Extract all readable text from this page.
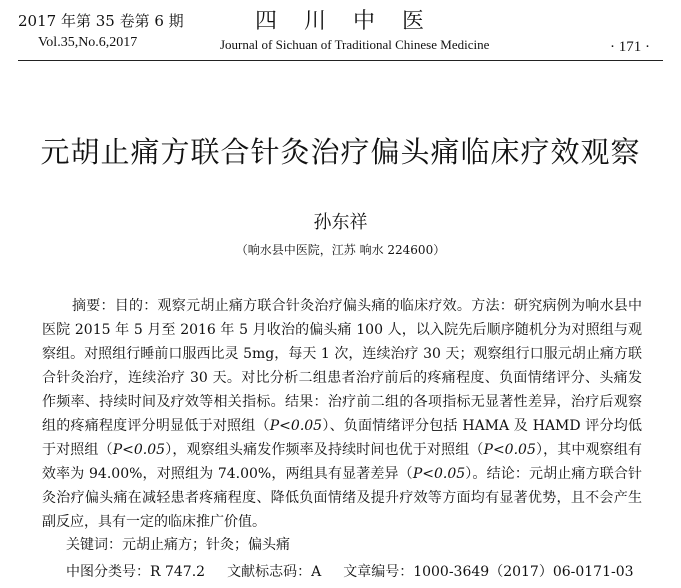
2017 年第 35 卷第 6 期
Vol.35,No.6,2017
四 川 中 医
Journal of Sichuan of Traditional Chinese Medicine	· 171 ·
元胡止痛方联合针灸治疗偏头痛临床疗效观察
孙东祥
（响水县中医院，江苏 响水 224600）
摘要：目的：观察元胡止痛方联合针灸治疗偏头痛的临床疗效。方法：研究病例为响水县中医院 2015 年 5 月至 2016 年 5 月收治的偏头痛 100 人，以入院先后顺序随机分为对照组与观察组。对照组行睡前口服西比灵 5mg，每天 1 次，连续治疗 30 天；观察组行口服元胡止痛方联合针灸治疗，连续治疗 30 天。对比分析二组患者治疗前后的疼痛程度、负面情绪评分、头痛发作频率、持续时间及疗效等相关指标。结果：治疗前二组的各项指标无显著性差异，治疗后观察组的疼痛程度评分明显低于对照组（P<0.05）、负面情绪评分包括 HAMA 及 HAMD 评分均低于对照组（P<0.05），观察组头痛发作频率及持续时间也优于对照组（P<0.05），其中观察组有效率为 94.00%，对照组为 74.00%，两组具有显著差异（P<0.05）。结论：元胡止痛方联合针灸治疗偏头痛在减轻患者疼痛程度、降低负面情绪及提升疗效等方面均有显著优势，且不会产生副反应，具有一定的临床推广价值。
关键词：元胡止痛方；针灸；偏头痛
中图分类号：R 747.2 文献标志码：A 文章编号：1000-3649（2017）06-0171-03
